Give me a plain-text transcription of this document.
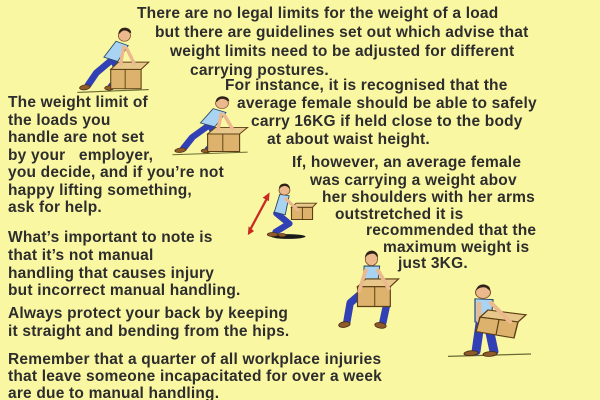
There are no legal limits for the weight of a load
but there are guidelines set out which advise that
weight limits need to be adjusted for different
carrying postures.
For instance, it is recognised that the
average female should be able to safely
carry 16KG if held close to the body
at about waist height.
The weight limit of
the loads you
handle are not set
by your   employer,
you decide, and if you’re not
happy lifting something,
ask for help.
If, however, an average female
was carrying a weight abov
her shoulders with her arms
outstretched it is
recommended that the
maximum weight is
just 3KG.
What’s important to note is
that it’s not manual
handling that causes injury
but incorrect manual handling.
Always protect your back by keeping
it straight and bending from the hips.
Remember that a quarter of all workplace injuries
that leave someone incapacitated for over a week
are due to manual handling.
